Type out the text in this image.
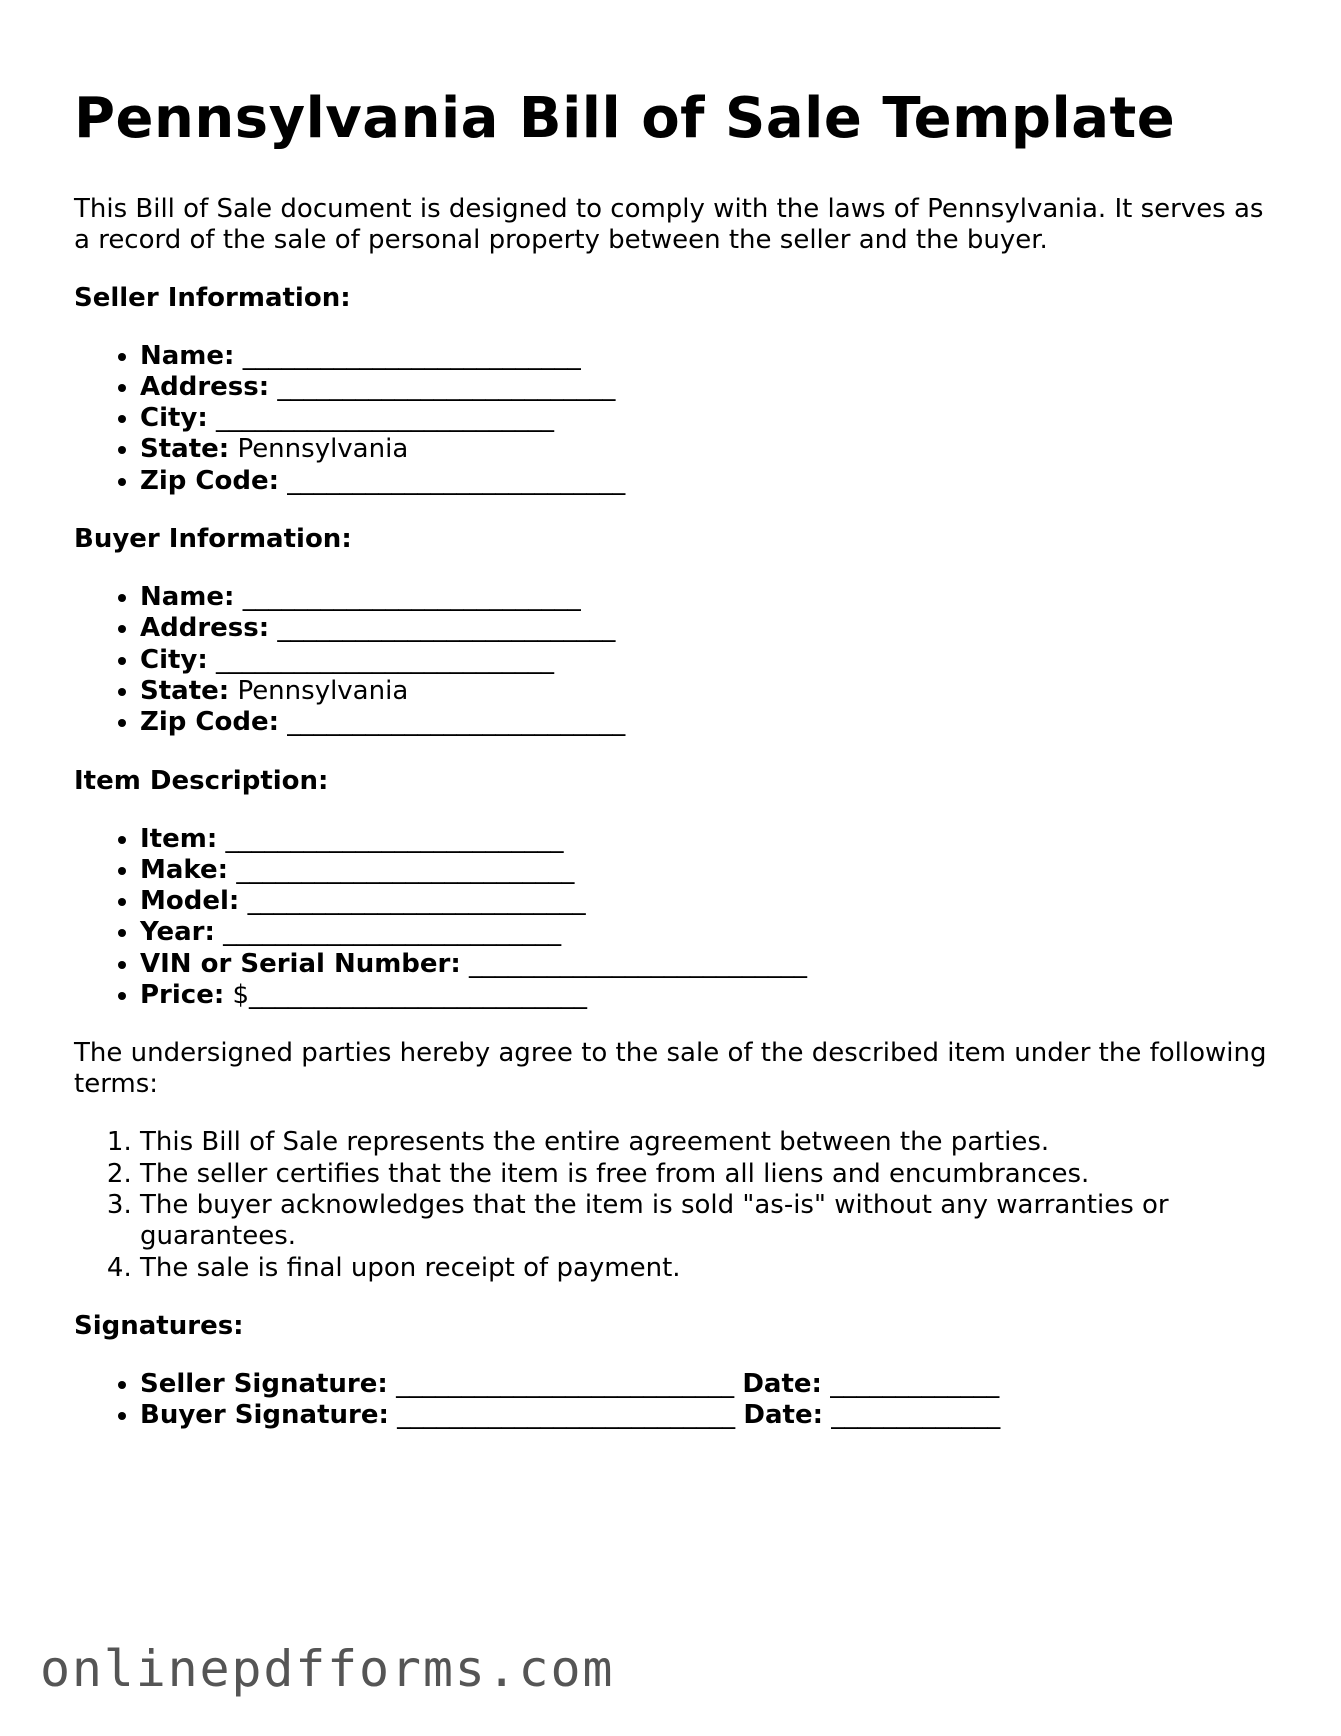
Pennsylvania Bill of Sale Template

This Bill of Sale document is designed to comply with the laws of Pennsylvania. It serves as a record of the sale of personal property between the seller and the buyer.

Seller Information:
• Name: __________________________
• Address: __________________________
• City: __________________________
• State: Pennsylvania
• Zip Code: __________________________
Buyer Information:
• Name: __________________________
• Address: __________________________
• City: __________________________
• State: Pennsylvania
• Zip Code: __________________________
Item Description:
• Item: __________________________
• Make: __________________________
• Model: __________________________
• Year: __________________________
• VIN or Serial Number: __________________________
• Price: $__________________________

The undersigned parties hereby agree to the sale of the described item under the following terms:

1. This Bill of Sale represents the entire agreement between the parties.
2. The seller certifies that the item is free from all liens and encumbrances.
3. The buyer acknowledges that the item is sold "as-is" without any warranties or guarantees.
4. The sale is final upon receipt of payment.
Signatures:
• Seller Signature: __________________________ Date: _____________
• Buyer Signature: __________________________ Date: _____________
onlinepdfforms.com
